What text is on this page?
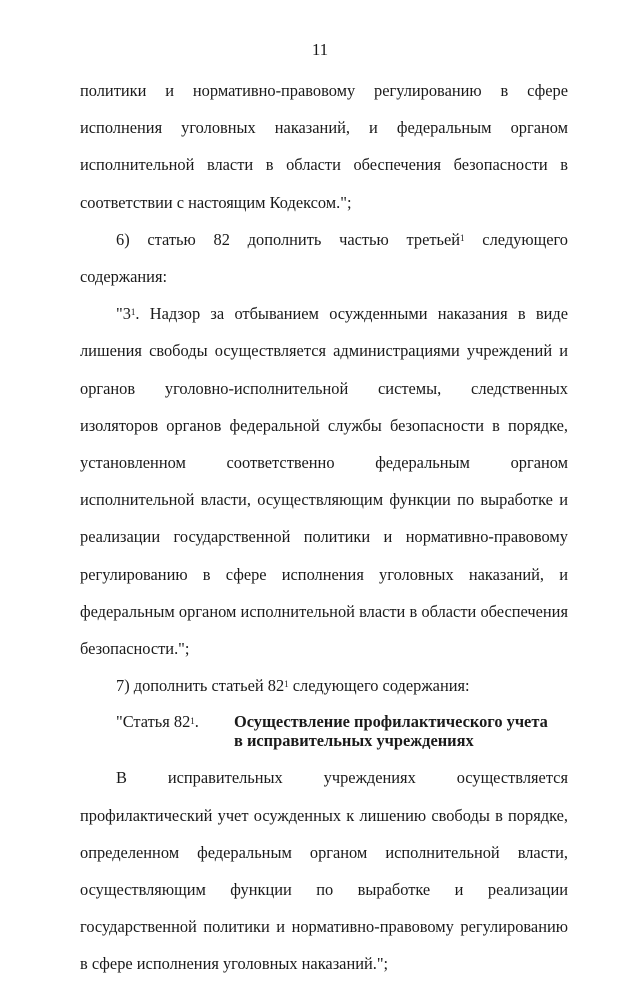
11

политики и нормативно-правовому регулированию в сфере исполнения уголовных наказаний, и федеральным органом исполнительной власти в области обеспечения безопасности в соответствии с настоящим Кодексом.";

6) статью 82 дополнить частью третьей$^1$ следующего содержания:

"$3^1$. Надзор за отбыванием осужденными наказания в виде лишения свободы осуществляется администрациями учреждений и органов уголовно-исполнительной системы, следственных изоляторов органов федеральной службы безопасности в порядке, установленном соответственно федеральным органом исполнительной власти, осуществляющим функции по выработке и реализации государственной политики и нормативно-правовому регулированию в сфере исполнения уголовных наказаний, и федеральным органом исполнительной власти в области обеспечения безопасности.";

7) дополнить статьей $82^1$ следующего содержания:

"Статья $82^1$.	Осуществление профилактического учета
в исправительных учреждениях

В исправительных учреждениях осуществляется профилактический учет осужденных к лишению свободы в порядке, определенном федеральным органом исполнительной власти, осуществляющим функции по выработке и реализации государственной политики и нормативно-правовому регулированию в сфере исполнения уголовных наказаний.";
